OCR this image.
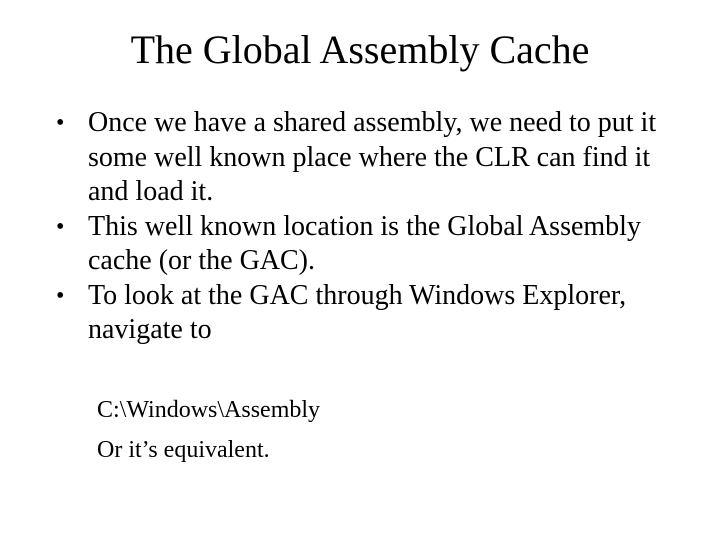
The Global Assembly Cache
• Once we have a shared assembly, we need to put it some well known place where the CLR can find it and load it.
• This well known location is the Global Assembly cache (or the GAC).
• To look at the GAC through Windows Explorer, navigate to

C:\Windows\Assembly

Or it’s equivalent.
